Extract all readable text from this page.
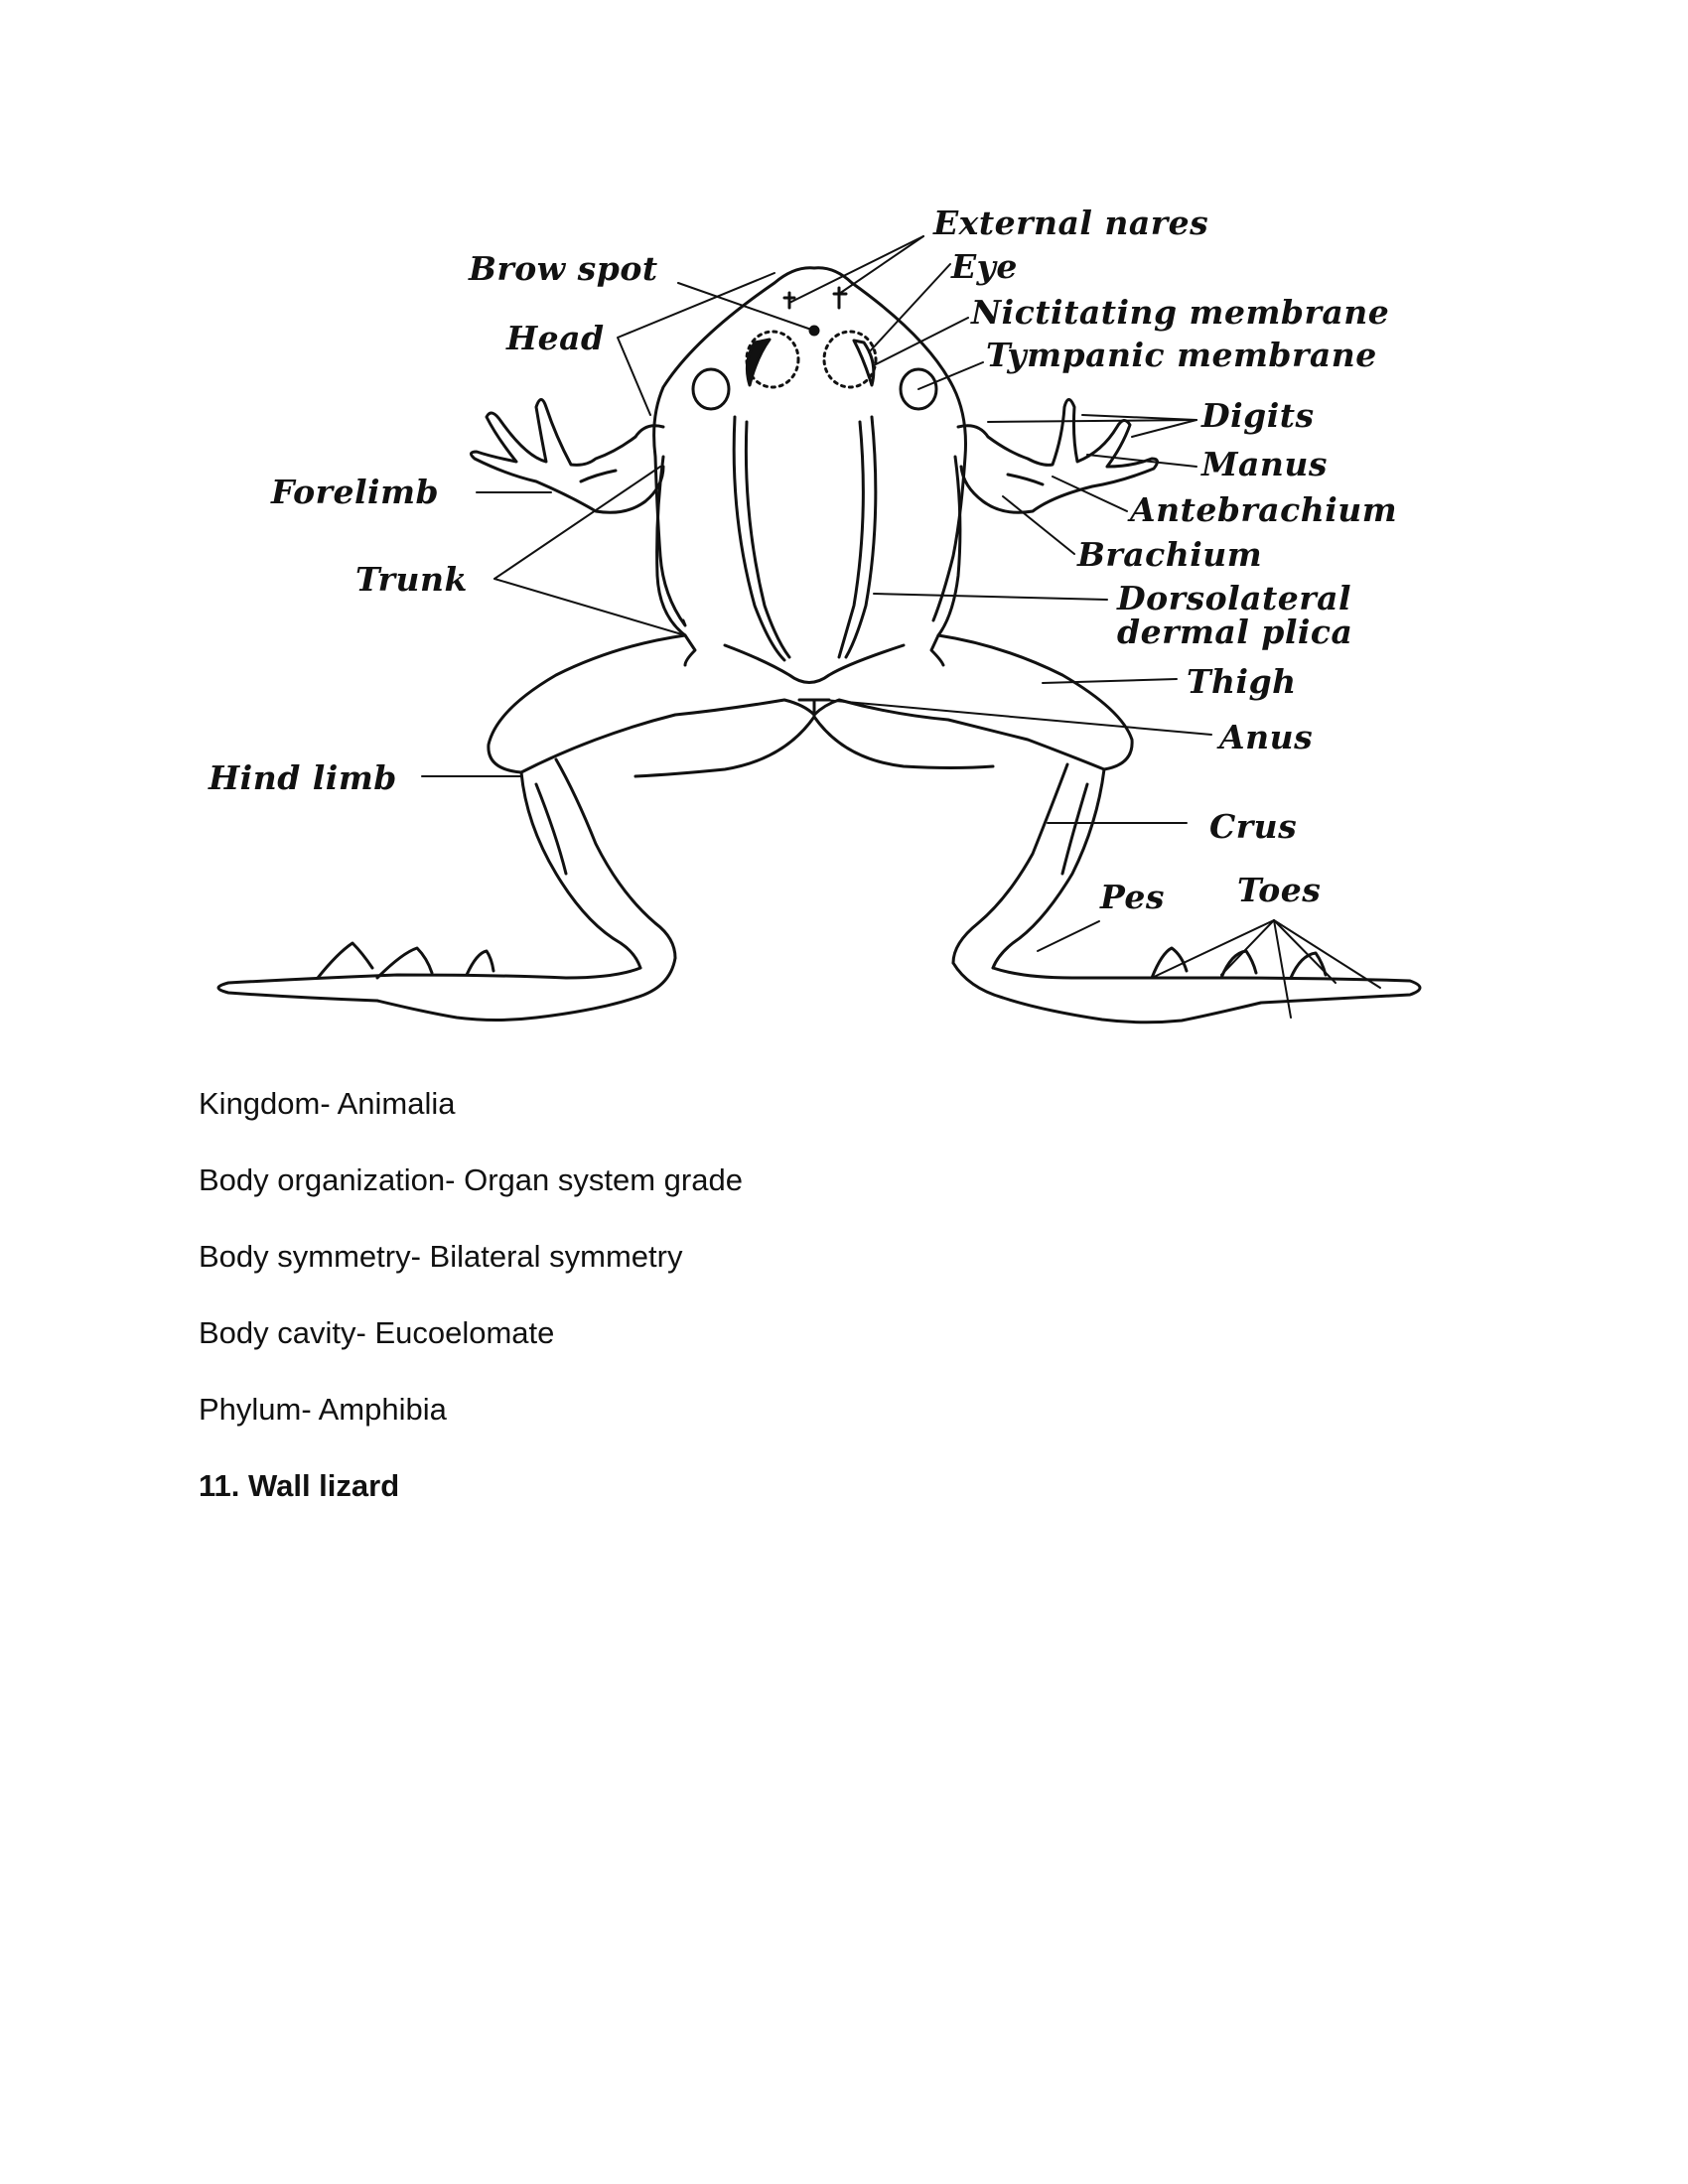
External nares
Brow spot	Eye
Nictitating membrane
Head	Tympanic membrane
Digits
Manus
Forelimb	Antebrachium
Brachium
Trunk	Dorsolateral
dermal plica
Thigh
Anus
Hind limb
Crus
Pes Toes
Kingdom- Animalia
Body organization- Organ system grade
Body symmetry- Bilateral symmetry
Body cavity- Eucoelomate
Phylum- Amphibia
11. Wall lizard
